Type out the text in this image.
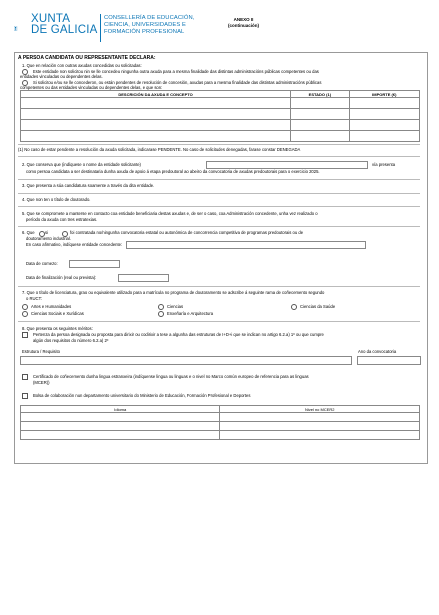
XUNTA
DE GALICIA
CONSELLERÍA DE EDUCACIÓN,
CIENCIA, UNIVERSIDADES E
FORMACIÓN PROFESIONAL
ANEXO II
(continuación)
A PERSOA CANDIDATA OU REPRESENTANTE DECLARA:
1. Que en relación con outras axudas concedidas ou solicitadas:
Este entidade non solicitou nin se lle concedeu ningunha outra axuda para a mesma finalidade das distintas administracións públicas competentes ou das
entidades vinculadas ou dependentes delas.
Si solicitou e/ou se lle concederon, ou están pendentes de resolución de concesión, axudas para a mesma finalidade das distintas administracións públicas
competentes ou das entidades vinculadas ou dependentes delas, e que son:
DESCRICIÓN DA AXUDA E CONCEPTO	ESTADO (1)	IMPORTE (€)

(1) No caso de estar pendente a resolución da axuda solicitada, indicarase PENDENTE. No caso de solicitudes denegadas, farase constar DENEGADA
2. Que conserva que (indíquese o nome da entidade solicitante)	vía presenta
como persoa candidata a ser destinataria dunha axuda de apoio á etapa predoutoral ao abeiro da convocatoria de axudas predoutorais para o exercicio 2025.
3. Que presenta a súa candidatura soamente a través da dita entidade.
4. Que non ten o título de doutorado.
5. Que se compromete a manterse en contacto coa entidade beneficiaria destas axudas e, de ser o caso, coa Administración concedente, unha vez realizado o
período da axuda con tres estratexias.
6. Que si	foi contratada no/ningunha convocatoria estatal ou autonómica de concorrencia competitiva de programas predoutorais ou de
doutoramento industrial.
En caso afirmativo, indíquese entidade concedente:
Data de comezo:
Data de finalización (real ou prevista):
7. Que o título de licenciatura, grao ou equivalente utilizado para a matrícula no programa de doutoramento se adscribe á seguinte rama de coñecemento segundo
o RUCT:
Artes e Humanidades	Ciencias	Ciencias da Saúde
Ciencias Sociais e Xurídicas	Enxeñaría e Arquitectura
8. Que presenta os seguintes méritos:
Pertenza da persoa designada ou proposta para dirixir ou codirixir a tese a algunha das estruturas de I+D+i que se indican no artigo 6.2.a) 1º ou que cumpre
algún dos requisitos do número 6.2.a) 2º
Estrutura / Requisito	Ano da convocatoria
Certificado de coñecemento dunha lingua estranxeira (indíquense lingua ou linguas e o nivel no Marco común europeo de referencia para as linguas
(MCER))
Bolsa de colaboración nun departamento universitario do Ministerio de Educación, Formación Profesional e Deportes
Idioma	Nivel no MCER2
